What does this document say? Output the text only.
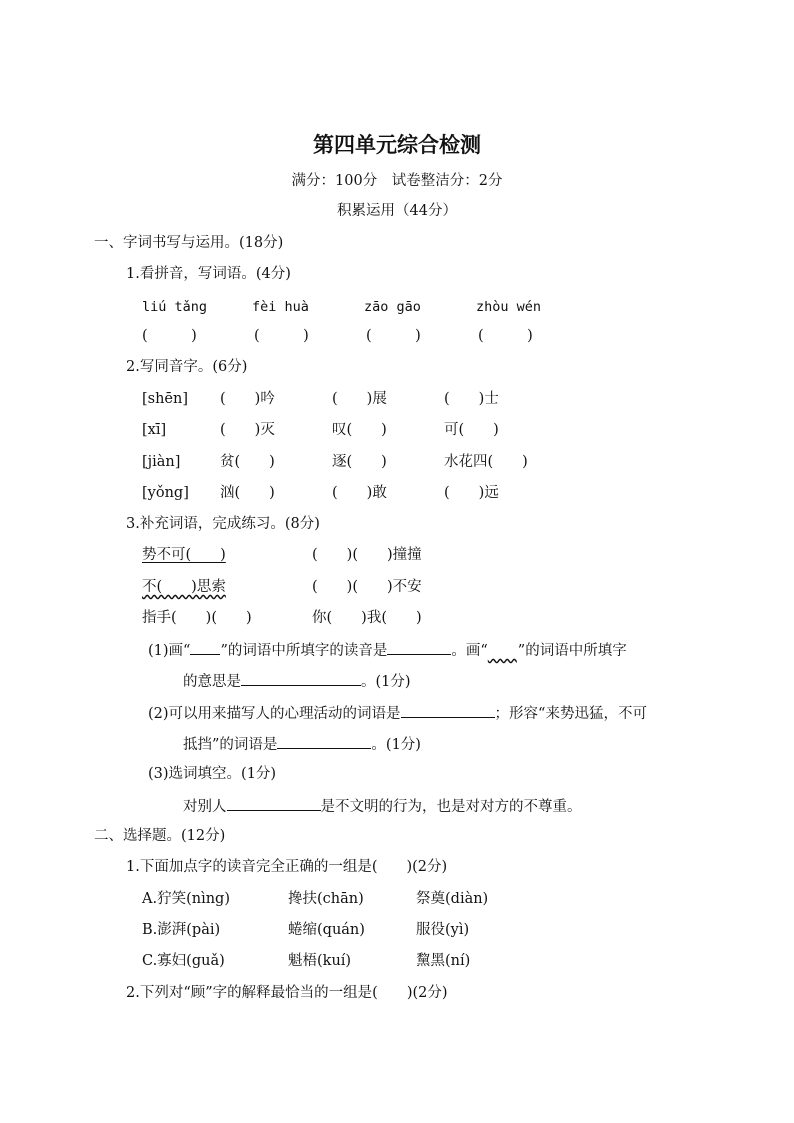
第四单元综合检测
满分：100分　试卷整洁分：2分
积累运用（44分）
一、字词书写与运用。(18分)
1.看拼音，写词语。(4分)
liú tǎng	fèi huà	zāo gāo	zhòu wén
(　　　)	(　　　)	(　　　)	(　　　)
2.写同音字。(6分)
[shēn] (　　)吟	(　　)展	(　　)士
[xī]	(　　)灭	叹(　　)	可(　　)
[jiàn]	贫(　　)	逐(　　)	水花四(　　)
[yǒng] 汹(　　)	(　　)敢	(　　)远
3.补充词语，完成练习。(8分)
势不可(　　)	(　　)(　　)撞撞
不(　　)思索	(　　)(　　)不安
指手(　　)(　　)	你(　　)我(　　)
(1)画“ ”的词语中所填字的读音是	。画“​　　”的词语中所填字
的意思是	。(1分)
(2)可以用来描写人的心理活动的词语是	；形容“来势迅猛，不可
抵挡”的词语是	。(1分)
(3)选词填空。(1分)
对别人	是不文明的行为，也是对对方的不尊重。
二、选择题。(12分)
1.下面加点字的读音完全正确的一组是(　　)(2分)
A.狞笑(nìng)	搀扶(chān)	祭奠(diàn)
B.澎湃(pài)	蜷缩(quán)	服役(yì)
C.寡妇(guǎ)	魁梧(kuí)	黧黑(ní)
2.下列对“顾”字的解释最恰当的一组是(　　)(2分)
